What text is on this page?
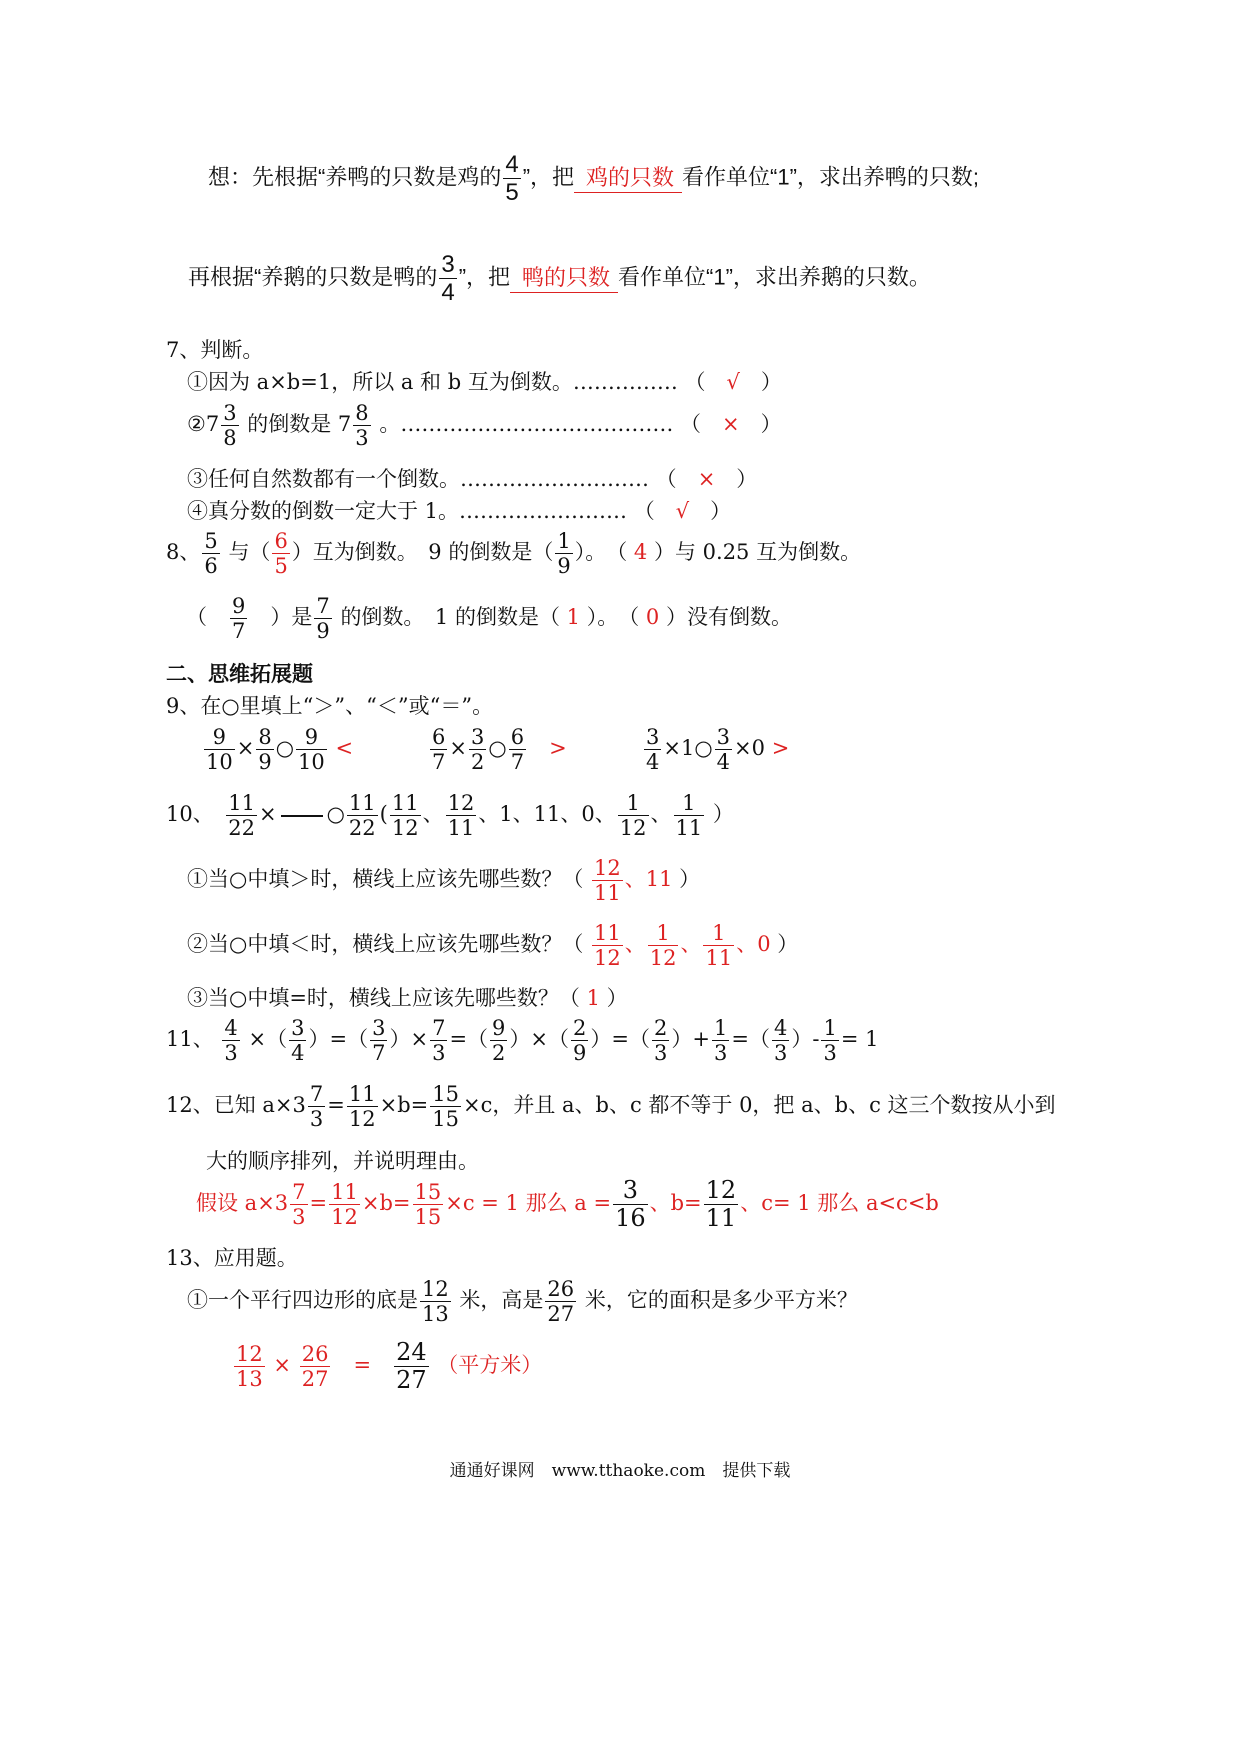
想：先根据“养鸭的只数是鸡的 $\frac{4}{5}$ ”，把 鸡的只数 看作单位“1”，求出养鸭的只数;
再根据“养鹅的只数是鸭的 $\frac{3}{4}$ ”，把 鸭的只数 看作单位“1”，求出养鹅的只数。
7、判断。
①因为 a×b=1，所以 a 和 b 互为倒数。…………… （　 √　 ）
②7 $\frac{3}{8}$ 的倒数是 $7 \frac{8}{3}$ 。………………………………… （　 ×　 ）
③任何自然数都有一个倒数。……………………… （　 ×　 ）
④真分数的倒数一定大于 1。…………………… （　 √　 ）
8、 $\frac{5}{6}$ 与（ $\frac{6}{5}$ ）互为倒数。　9 的倒数是（ $\frac{1}{9}$ ）。　（ 4 ）与 0.25 互为倒数。
（　 $\frac{9}{7}$
　 ）是 $\frac{7}{9}$ 的倒数。　1 的倒数是（ 1 ）。　（ 0 ）没有倒数。
二、思维拓展题
9、在○里填上“＞”、“＜”或“＝”。
$\frac{9}{10} \times \frac{8}{9}$ ○ $\frac{9}{10}$ <	$\frac{6}{7} \times \frac{3}{2}$ ○ $\frac{6}{7}$
　 >	$\frac{3}{4}$ ×1○ $\frac{3}{4} \times 0$ >
10、　 $\frac{11}{22}$ × ○ $\frac{11}{22}$ ( $\frac{11}{12}$ 、 $\frac{12}{11}$ 、1、11、0、 $\frac{1}{12}$ 、 $\frac{1}{11}$ ）
①当○中填＞时，横线上应该先哪些数？（ $\frac{12}{11}$ 、11 ）
②当○中填＜时，横线上应该先哪些数？（ $\frac{11}{12}$ 、 $\frac{1}{12}$ 、 $\frac{1}{11}$ 、0 ）
③当○中填=时，横线上应该先哪些数？（ 1 ）
11、 $\frac{4}{3}$ ×（ $\frac{3}{4}$ ）=（ $\frac{3}{7}$ ）× $\frac{7}{3}$ =（ $\frac{9}{2}$ ）×（ $\frac{2}{9}$ ）=（ $\frac{2}{3}$ ）+ $\frac{1}{3}$ =（ $\frac{4}{3}$ ）- $\frac{1}{3} = 1$
12、已知 $a\times 3 \frac{7}{3} = \frac{11}{12} \times b= \frac{15}{15} \times c$，并且 a、b、c 都不等于 0，把 a、b、c 这三个数按从小到
大的顺序排列，并说明理由。
假设 $a\times 3 \frac{7}{3} = \frac{11}{12} \times b= \frac{15}{15} \times c = 1$ 那么 $a = \frac{3}{16}$ 、$b= \frac{12}{11}$ 、c= 1 那么 a<c<b
13、应用题。
①一个平行四边形的底是 $\frac{12}{13}$ 米，高是 $\frac{26}{27}$ 米，它的面积是多少平方米？
$\frac{12}{13} \times \frac{26}{27}$
　 =　 $\frac{24}{27}$ （平方米）
通通好课网　www.tthaoke.com　提供下载
